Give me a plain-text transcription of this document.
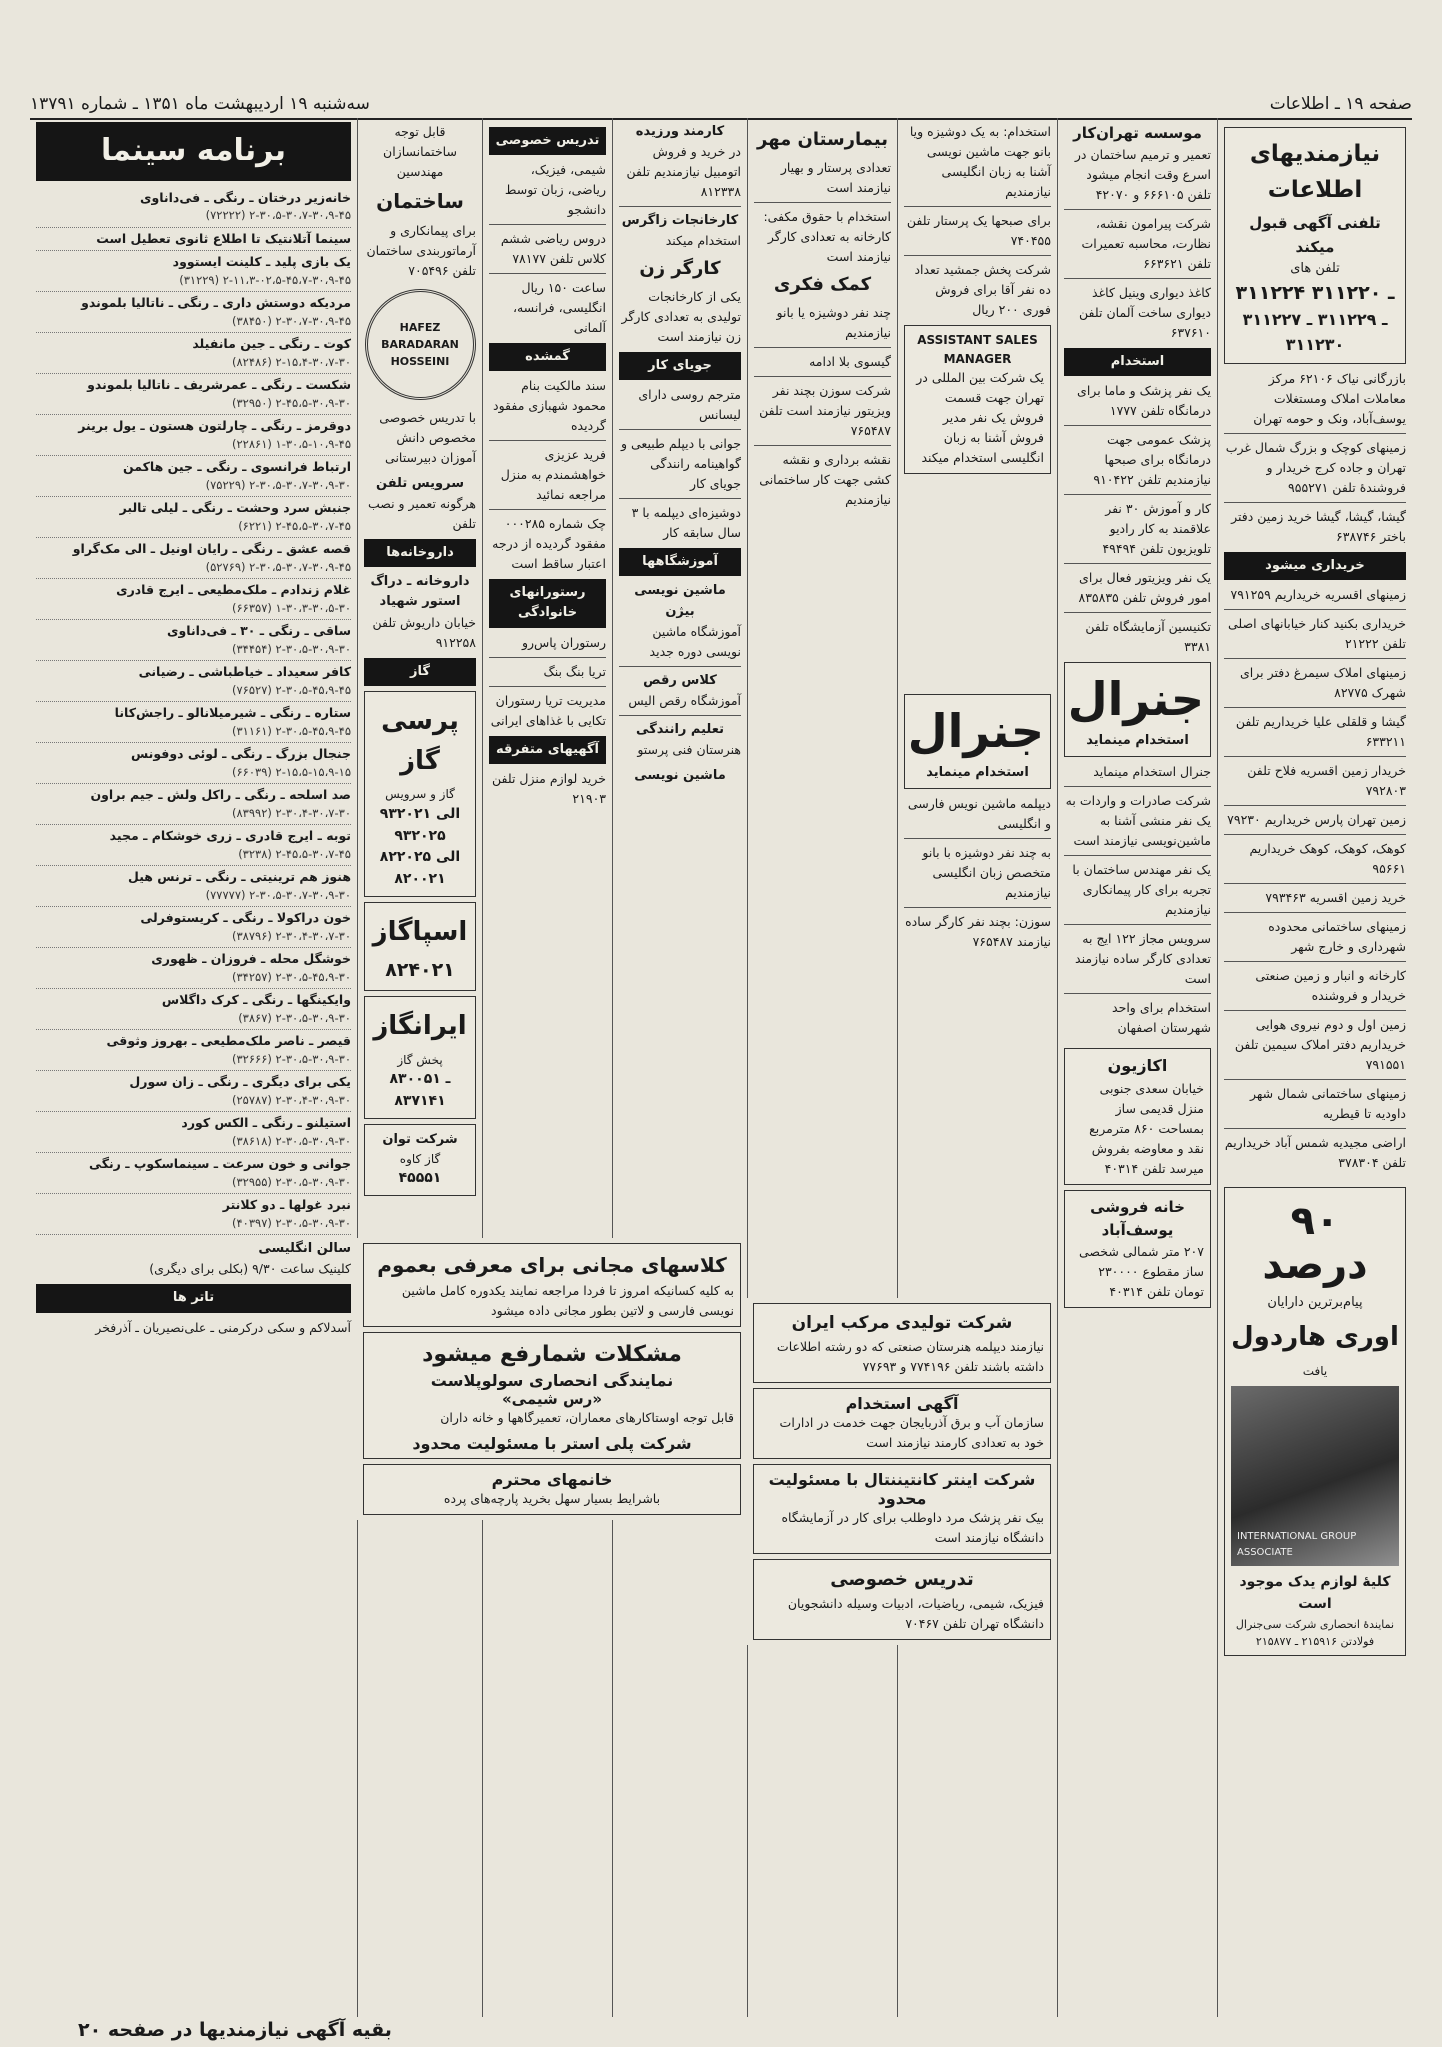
صفحه ۱۹ ـ اطلاعات
سه‌شنبه ۱۹ اردیبهشت ماه ۱۳۵۱ ـ شماره ۱۳۷۹۱
نیازمندیهای اطلاعات
تلفنی آگهی قبول میکند
تلفن های
۳۱۱۲۲۴ ـ ۳۱۱۲۲۰
۳۱۱۲۲۷ ـ ۳۱۱۲۲۹ ـ ۳۱۱۲۳۰
بازرگانی نیاک ۶۲۱۰۶ مرکز معاملات املاک ومستغلات یوسف‌آباد، ونک و حومه تهران
زمینهای کوچک و بزرگ شمال غرب تهران و جاده کرج خریدار و فروشندهٔ تلفن ۹۵۵۲۷۱
گیشا، گیشا، گیشا خرید زمین دفتر باختر ۶۳۸۷۴۶
خریداری میشود
زمینهای اقسریه خریداریم ۷۹۱۲۵۹
خریداری بکنید کنار خیابانهای اصلی تلفن ۲۱۲۲۲
زمینهای املاک سیمرغ دفتر برای شهرک ۸۲۷۷۵
گیشا و قلقلی علیا خریداریم تلفن ۶۳۳۲۱۱
خریدار زمین اقسریه فلاح تلفن ۷۹۲۸۰۳
زمین تهران پارس خریداریم ۷۹۲۳۰
کوهک، کوهک، کوهک خریداریم ۹۵۶۶۱
خرید زمین اقسریه ۷۹۳۴۶۳
زمینهای ساختمانی محدوده شهرداری و خارج شهر
کارخانه و انبار و زمین صنعتی خریدار و فروشنده
زمین اول و دوم نیروی هوایی خریداریم دفتر املاک سیمین تلفن ۷۹۱۵۵۱
زمینهای ساختمانی شمال شهر داودیه تا قیطریه
اراضی مجیدیه شمس آباد خریداریم تلفن ۳۷۸۳۰۴
۹۰ درصد
پیام‌برترین دارایان
اوری هاردول
یافت
INTERNATIONAL GROUP ASSOCIATE
کلیهٔ لوازم یدک موجود است
نمایندهٔ انحصاری شرکت سی‌جنرال فولادتن ۲۱۵۹۱۶ ـ ۲۱۵۸۷۷
موسسه تهران‌کار
تعمیر و ترمیم ساختمان در اسرع وقت انجام میشود تلفن ۶۶۶۱۰۵ و ۴۲۰۷۰
شرکت پیرامون نقشه، نظارت، محاسبه تعمیرات تلفن ۶۶۳۶۲۱
کاغذ دیواری وینیل کاغذ دیواری ساخت آلمان تلفن ۶۳۷۶۱۰
استخدام
یک نفر پزشک و ماما برای درمانگاه تلفن ۱۷۷۷
پزشک عمومی جهت درمانگاه برای صبحها نیازمندیم تلفن ۹۱۰۴۲۲
کار و آموزش ۳۰ نفر علاقمند به کار رادیو تلویزیون تلفن ۴۹۴۹۴
یک نفر ویزیتور فعال برای امور فروش تلفن ۸۳۵۸۳۵
تکنیسین آزمایشگاه تلفن ۳۳۸۱
جنرال
استخدام مینماید
جنرال استخدام مینماید
شرکت صادرات و واردات به یک نفر منشی آشنا به ماشین‌نویسی نیازمند است
یک نفر مهندس ساختمان با تجربه برای کار پیمانکاری نیازمندیم
سرویس مجاز ۱۲۲ ایج به تعدادی کارگر ساده نیازمند است
استخدام برای واحد شهرستان اصفهان
اکازیون
خیابان سعدی جنوبی منزل قدیمی ساز بمساحت ۸۶۰ مترمربع نقد و معاوضه بفروش میرسد تلفن ۴۰۳۱۴
خانه فروشی یوسف‌آباد
۲۰۷ متر شمالی شخصی ساز مقطوع ۲۳۰۰۰۰ تومان تلفن ۴۰۳۱۴
استخدام: به یک دوشیزه ویا بانو جهت ماشین نویسی آشنا به زبان انگلیسی نیازمندیم
برای صبحها یک پرستار تلفن ۷۴۰۴۵۵
شرکت پخش جمشید تعداد ده نفر آقا برای فروش فوری ۲۰۰ ریال
ASSISTANT SALES MANAGER
یک شرکت بین المللی در تهران جهت قسمت فروش یک نفر مدیر فروش آشنا به زبان انگلیسی استخدام میکند
جنرال
استخدام مینماید
دیپلمه ماشین نویس فارسی و انگلیسی
به چند نفر دوشیزه با بانو متخصص زبان انگلیسی نیازمندیم
سوزن: بچند نفر کارگر ساده نیازمند ۷۶۵۴۸۷
بیمارستان مهر
تعدادی پرستار و بهیار نیازمند است
استخدام با حقوق مکفی: کارخانه به تعدادی کارگر نیازمند است
کمک فکری
چند نفر دوشیزه یا بانو نیازمندیم
گیسوی بلا ادامه
شرکت سوزن بچند نفر ویزیتور نیازمند است تلفن ۷۶۵۴۸۷
نقشه برداری و نقشه کشی جهت کار ساختمانی نیازمندیم
کارمند ورزیده
در خرید و فروش اتومبیل نیازمندیم تلفن ۸۱۲۳۳۸
کارخانجات زاگرس
استخدام میکند
کارگر زن
یکی از کارخانجات تولیدی به تعدادی کارگر زن نیازمند است
جویای کار
مترجم روسی دارای لیسانس
جوانی با دیپلم طبیعی و گواهینامه رانندگی جویای کار
دوشیزه‌ای دیپلمه با ۳ سال سابقه کار
آموزشگاهها
ماشین نویسی بیژن
آموزشگاه ماشین نویسی دوره جدید
کلاس رقص
آموزشگاه رقص الیس
تعلیم رانندگی
هنرستان فنی پرستو
ماشین نویسی
تدریس خصوصی
شیمی، فیزیک، ریاضی، زبان توسط دانشجو
دروس ریاضی ششم کلاس تلفن ۷۸۱۷۷
ساعت ۱۵۰ ریال انگلیسی، فرانسه، آلمانی
گمشده
سند مالکیت بنام محمود شهبازی مفقود گردیده
فرید عزیزی خواهشمندم به منزل مراجعه نمائید
چک شماره ۰۰۰۲۸۵ مفقود گردیده از درجه اعتبار ساقط است
رستورانهای خانوادگی
رستوران پاس‌رو
تریا بنگ بنگ
مدیریت تریا رستوران تکایی با غذاهای ایرانی
آگهیهای متفرقه
خرید لوازم منزل تلفن ۲۱۹۰۳
قابل توجه ساختمانسازان مهندسین
ساختمان
برای پیمانکاری و آرماتوربندی ساختمان تلفن ۷۰۵۴۹۶
HAFEZ BARADARAN HOSSEINI
با تدریس خصوصی مخصوص دانش آموزان دبیرستانی
سرویس تلفن
هرگونه تعمیر و نصب تلفن
داروخانه‌ها
داروخانه ـ دراگ استور شهیاد
خیابان داریوش تلفن ۹۱۲۲۵۸
گاز
پرسی گاز
گاز و سرویس
۹۳۲۰۲۱ الی ۹۳۲۰۲۵
۸۲۲۰۲۵ الی ۸۲۰۰۲۱
اسپاگاز
۸۲۴۰۲۱
ایرانگاز
پخش گاز
۸۳۰۰۵۱ ـ ۸۳۷۱۴۱
شرکت توان
گاز کاوه
۴۵۵۵۱
کلاسهای مجانی برای معرفی بعموم
به کلیه کسانیکه امروز تا فردا مراجعه نمایند یکدوره کامل ماشین نویسی فارسی و لاتین بطور مجانی داده میشود
مشکلات شمارفع میشود
نمایندگی انحصاری سولوپلاست
«رس شیمی»
قابل توجه اوستاکارهای معماران، تعمیرگاهها و خانه داران
شرکت پلی استر با مسئولیت محدود
خانمهای محترم
باشرایط بسیار سهل بخرید پارچه‌های پرده
شرکت تولیدی مرکب ایران
نیازمند دیپلمه هنرستان صنعتی که دو رشته اطلاعات داشته باشند تلفن ۷۷۴۱۹۶ و ۷۷۶۹۳
آگهی استخدام
سازمان آب و برق آذربایجان جهت خدمت در ادارات خود به تعدادی کارمند نیازمند است
شرکت اینتر کانتیننتال با مسئولیت محدود
بیک نفر پزشک مرد داوطلب برای کار در آزمایشگاه دانشگاه نیازمند است
تدریس خصوصی
فیزیک، شیمی، ریاضیات، ادبیات وسیله دانشجویان دانشگاه تهران تلفن ۷۰۴۶۷
برنامه سینما
خانه‌زیر درختان ـ رنگی ـ فی‌داناوی
(۷۲۲۲۲) ۲-۳۰،۵-۳۰،۷-۳۰،۹-۴۵
سینما آتلانتیک تا اطلاع ثانوی تعطیل است
یک بازی پلید ـ کلینت ایستوود
(۳۱۲۲۹) ۲-۱۱،۳-۰۲،۵-۴۵،۷-۳۰،۹-۴۵
مردیکه دوستش داری ـ رنگی ـ ناتالیا بلموندو
(۳۸۴۵۰) ۲-۳۰،۷-۳۰،۹-۴۵
کوت ـ رنگی ـ جین مانفیلد
(۸۲۴۸۶) ۲-۱۵،۴-۳۰،۷-۳۰
شکست ـ رنگی ـ عمرشریف ـ ناتالیا بلموندو
(۳۲۹۵۰) ۲-۴۵،۵-۳۰،۹-۳۰
دوقرمز ـ رنگی ـ چارلتون هستون ـ یول برینر
(۲۲۸۶۱) ۱-۳۰،۵-۱۰،۹-۴۵
ارتباط فرانسوی ـ رنگی ـ جین هاکمن
(۷۵۲۲۹) ۲-۳۰،۵-۳۰،۷-۳۰،۹-۳۰
جنبش سرد وحشت ـ رنگی ـ لیلی تالبر
(۶۲۲۱) ۲-۴۵،۵-۳۰،۷-۴۵
قصه عشق ـ رنگی ـ رایان اونیل ـ الی مک‌گراو
(۵۲۷۶۹) ۲-۳۰،۵-۳۰،۷-۳۰،۹-۴۵
غلام زندادم ـ ملک‌مطیعی ـ ایرج قادری
(۶۶۳۵۷) ۱-۳۰،۳-۳۰،۵-۳۰
ساقی ـ رنگی ـ ۳۰ ـ فی‌داناوی
(۳۴۴۵۴) ۲-۳۰،۵-۳۰،۹-۳۰
کافر سعیداد ـ خیاطباشی ـ رضیانی
(۷۶۵۲۷) ۲-۳۰،۵-۴۵،۹-۴۵
ستاره ـ رنگی ـ شیرمیلانالو ـ راجش‌کانا
(۳۱۱۶۱) ۲-۳۰،۵-۴۵،۹-۴۵
جنجال بزرگ ـ رنگی ـ لوئی دوفونس
(۶۶۰۳۹) ۲-۱۵،۵-۱۵،۹-۱۵
صد اسلحه ـ رنگی ـ راکل ولش ـ جیم براون
(۸۳۹۹۲) ۲-۳۰،۴-۳۰،۷-۳۰
توبه ـ ایرج قادری ـ زری خوشکام ـ مجید
(۳۲۳۸) ۲-۴۵،۵-۳۰،۷-۴۵
هنوز هم ترینیتی ـ رنگی ـ ترنس هیل
(۷۷۷۷۷) ۲-۳۰،۵-۳۰،۷-۳۰،۹-۳۰
خون دراکولا ـ رنگی ـ کریستوفرلی
(۳۸۷۹۶) ۲-۳۰،۴-۳۰،۷-۳۰
خوشگل محله ـ فروزان ـ ظهوری
(۳۴۲۵۷) ۲-۳۰،۵-۴۵،۹-۳۰
وایکینگها ـ رنگی ـ کرک داگلاس
(۳۸۶۷) ۲-۳۰،۵-۳۰،۹-۳۰
قیصر ـ ناصر ملک‌مطیعی ـ بهروز وثوقی
(۳۲۶۶۶) ۲-۳۰،۵-۳۰،۹-۳۰
یکی برای دیگری ـ رنگی ـ زان سورل
(۲۵۷۸۷) ۲-۳۰،۴-۳۰،۹-۳۰
استیلنو ـ رنگی ـ الکس کورد
(۳۸۶۱۸) ۲-۳۰،۵-۳۰،۹-۳۰
جوانی و خون سرعت ـ سینماسکوپ ـ رنگی
(۳۲۹۵۵) ۲-۳۰،۵-۳۰،۹-۳۰
نبرد غولها ـ دو کلانتر
(۴۰۳۹۷) ۲-۳۰،۵-۳۰،۹-۳۰
سالن انگلیسی
کلینیک ساعت ۹/۳۰ (بکلی برای دیگری)
تاتر ها
آسدلاکم و سکی درکرمنی ـ علی‌نصیریان ـ آذرفخر
بقیه آگهی نیازمندیها در صفحه ۲۰
